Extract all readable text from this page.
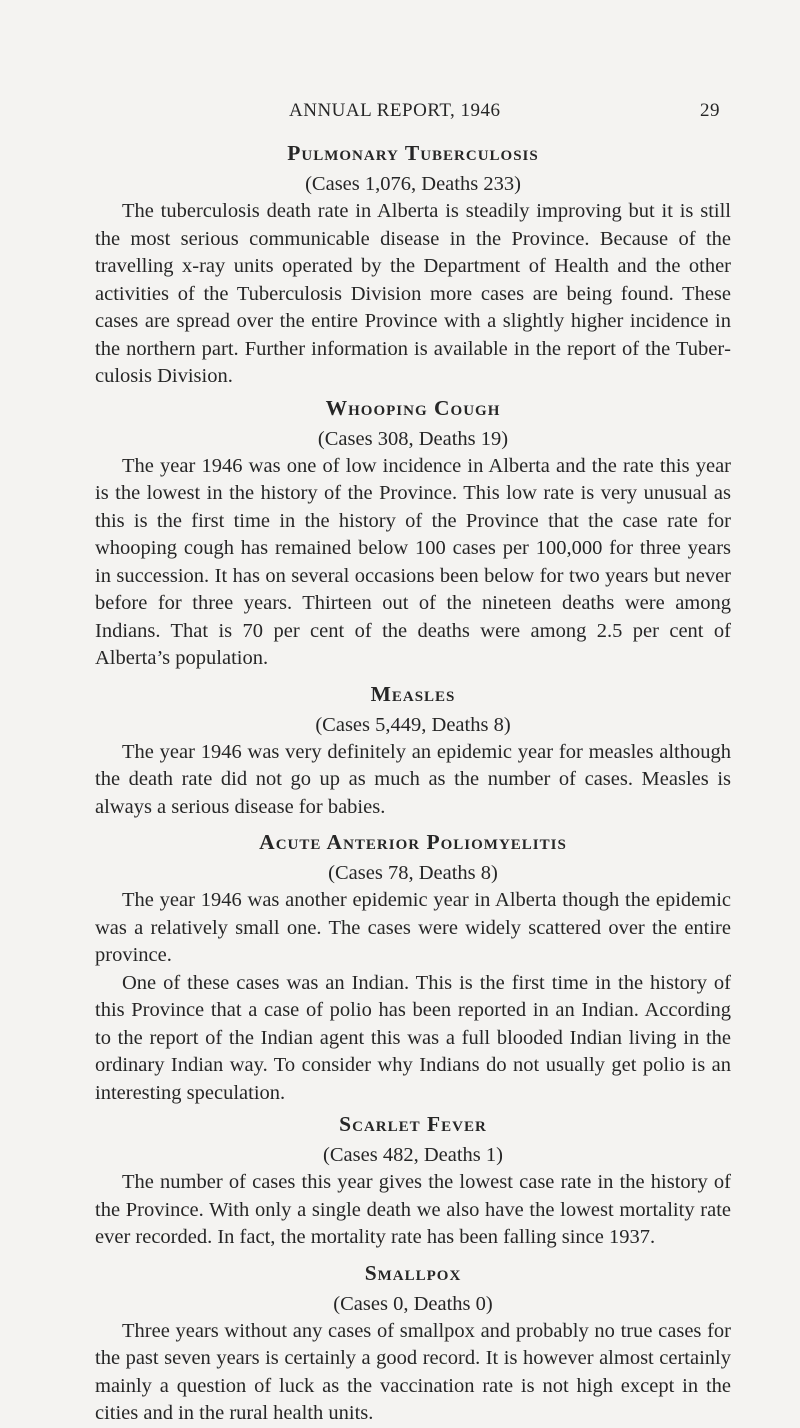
ANNUAL REPORT, 1946	29
Pulmonary Tuberculosis

(Cases 1,076, Deaths 233)

The tuberculosis death rate in Alberta is steadily improving but it is still the most serious communicable disease in the Province. Because of the travelling x-ray units operated by the Department of Health and the other activities of the Tuberculosis Division more cases are being found. These cases are spread over the entire Province with a slightly higher incidence in the northern part. Further information is available in the report of the Tuberculosis Division.

Whooping Cough

(Cases 308, Deaths 19)

The year 1946 was one of low incidence in Alberta and the rate this year is the lowest in the history of the Province. This low rate is very unusual as this is the first time in the history of the Province that the case rate for whooping cough has remained below 100 cases per 100,000 for three years in succession. It has on several occasions been below for two years but never before for three years. Thirteen out of the nineteen deaths were among Indians. That is 70 per cent of the deaths were among 2.5 per cent of Alberta’s population.

Measles

(Cases 5,449, Deaths 8)

The year 1946 was very definitely an epidemic year for measles although the death rate did not go up as much as the number of cases. Measles is always a serious disease for babies.

Acute Anterior Poliomyelitis

(Cases 78, Deaths 8)

The year 1946 was another epidemic year in Alberta though the epidemic was a relatively small one. The cases were widely scattered over the entire province.

One of these cases was an Indian. This is the first time in the history of this Province that a case of polio has been reported in an Indian. According to the report of the Indian agent this was a full blooded Indian living in the ordinary Indian way. To consider why Indians do not usually get polio is an interesting speculation.

Scarlet Fever

(Cases 482, Deaths 1)

The number of cases this year gives the lowest case rate in the history of the Province. With only a single death we also have the lowest mortality rate ever recorded. In fact, the mortality rate has been falling since 1937.

Smallpox

(Cases 0, Deaths 0)

Three years without any cases of smallpox and probably no true cases for the past seven years is certainly a good record. It is however almost certainly mainly a question of luck as the vaccination rate is not high except in the cities and in the rural health units.
